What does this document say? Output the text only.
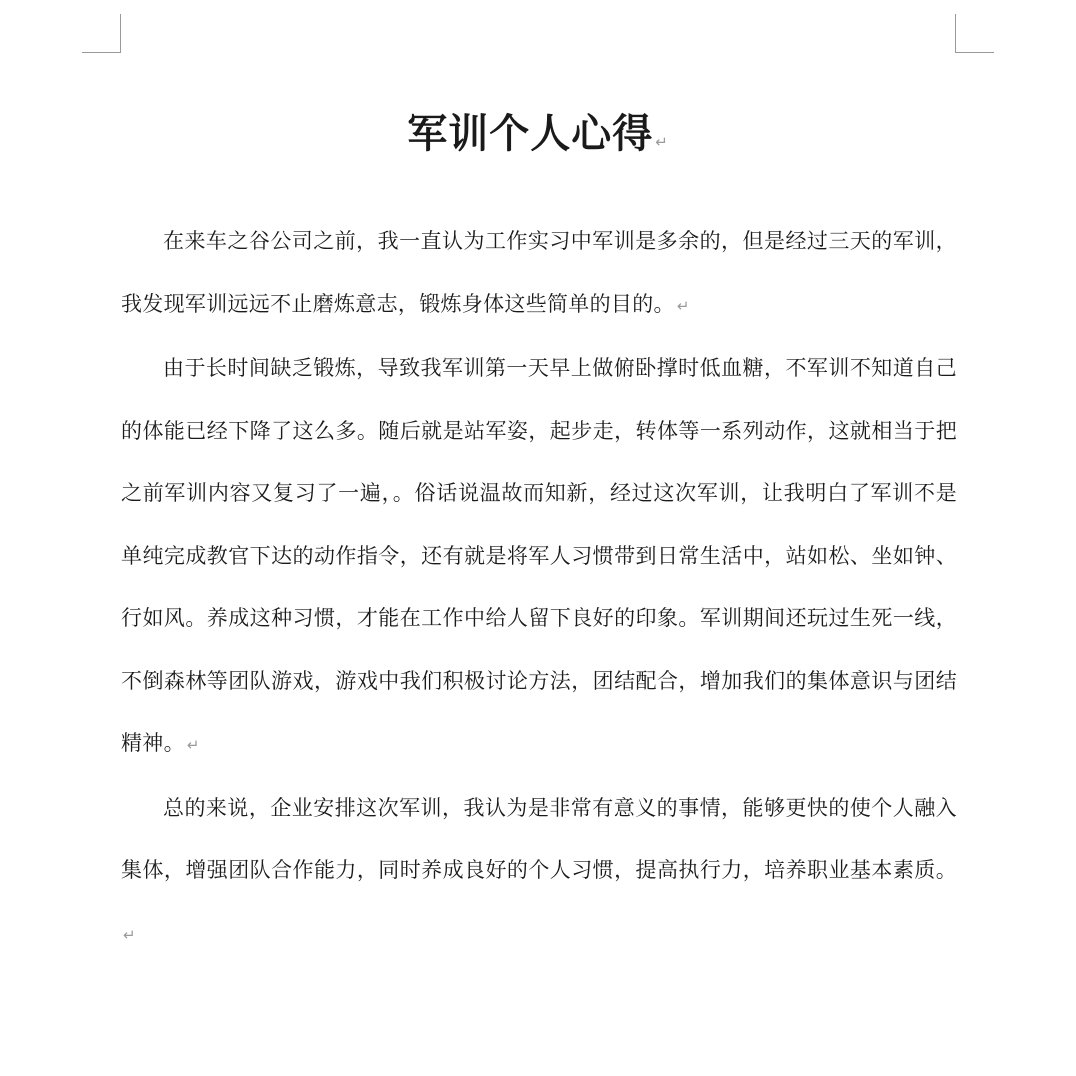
军训个人心得 ↵

在来车之谷公司之前，我一直认为工作实习中军训是多余的，但是经过三天的军训，我发现军训远远不止磨炼意志，锻炼身体这些简单的目的。 ↵

由于长时间缺乏锻炼，导致我军训第一天早上做俯卧撑时低血糖，不军训不知道自己的体能已经下降了这么多。随后就是站军姿，起步走，转体等一系列动作，这就相当于把之前军训内容又复习了一遍，。俗话说温故而知新，经过这次军训，让我明白了军训不是单纯完成教官下达的动作指令，还有就是将军人习惯带到日常生活中，站如松、坐如钟、行如风。养成这种习惯，才能在工作中给人留下良好的印象。军训期间还玩过生死一线，不倒森林等团队游戏，游戏中我们积极讨论方法，团结配合，增加我们的集体意识与团结精神。 ↵

总的来说，企业安排这次军训，我认为是非常有意义的事情，能够更快的使个人融入集体，增强团队合作能力，同时养成良好的个人习惯，提高执行力，培养职业基本素质。↵
